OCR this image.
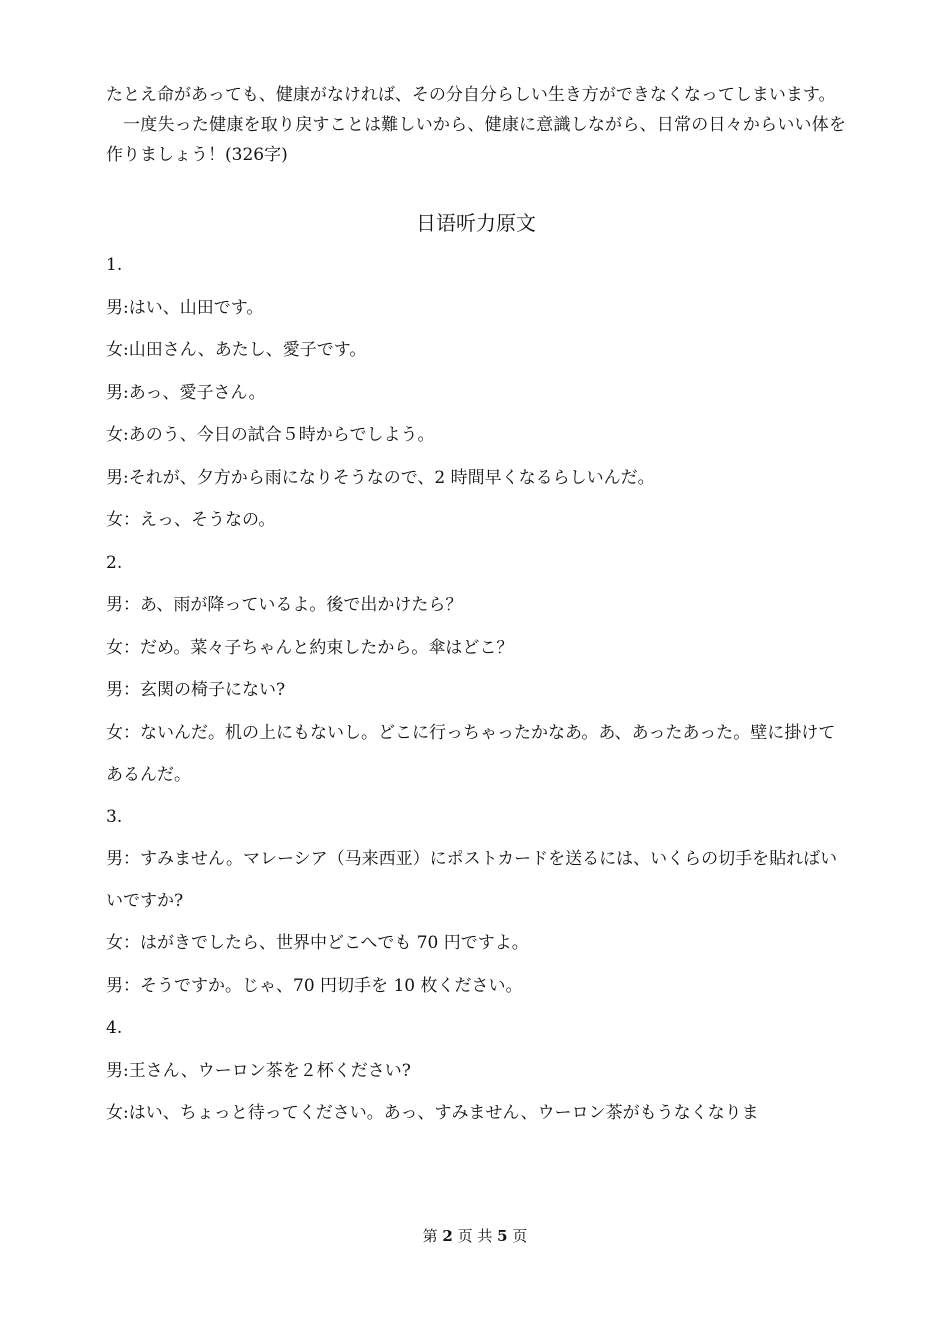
たとえ命があっても、健康がなければ、その分自分らしい生き方ができなくなってしまいます。

一度失った健康を取り戻すことは難しいから、健康に意識しながら、日常の日々からいい体を作りましょう！(326字)

日语听力原文

1.

男:はい、山田です。

女:山田さん、あたし、愛子です。

男:あっ、愛子さん。

女:あのう、今日の試合５時からでしよう。

男:それが、夕方から雨になりそうなので、2 時間早くなるらしいんだ。

女：えっ、そうなの。

2.

男：あ、雨が降っているよ。後で出かけたら？

女：だめ。菜々子ちゃんと約束したから。傘はどこ？

男：玄関の椅子にない?

女：ないんだ。机の上にもないし。どこに行っちゃったかなあ。あ、あったあった。壁に掛けてあるんだ。

3.

男：すみません。マレーシア（马来西亚）にポストカードを送るには、いくらの切手を貼ればいいですか?

女：はがきでしたら、世界中どこへでも 70 円ですよ。

男：そうですか。じゃ、70 円切手を 10 枚ください。

4.

男:王さん、ウーロン茶を２杯ください?

女:はい、ちょっと待ってください。あっ、すみません、ウーロン茶がもうなくなりま

第 2 页 共 5 页
